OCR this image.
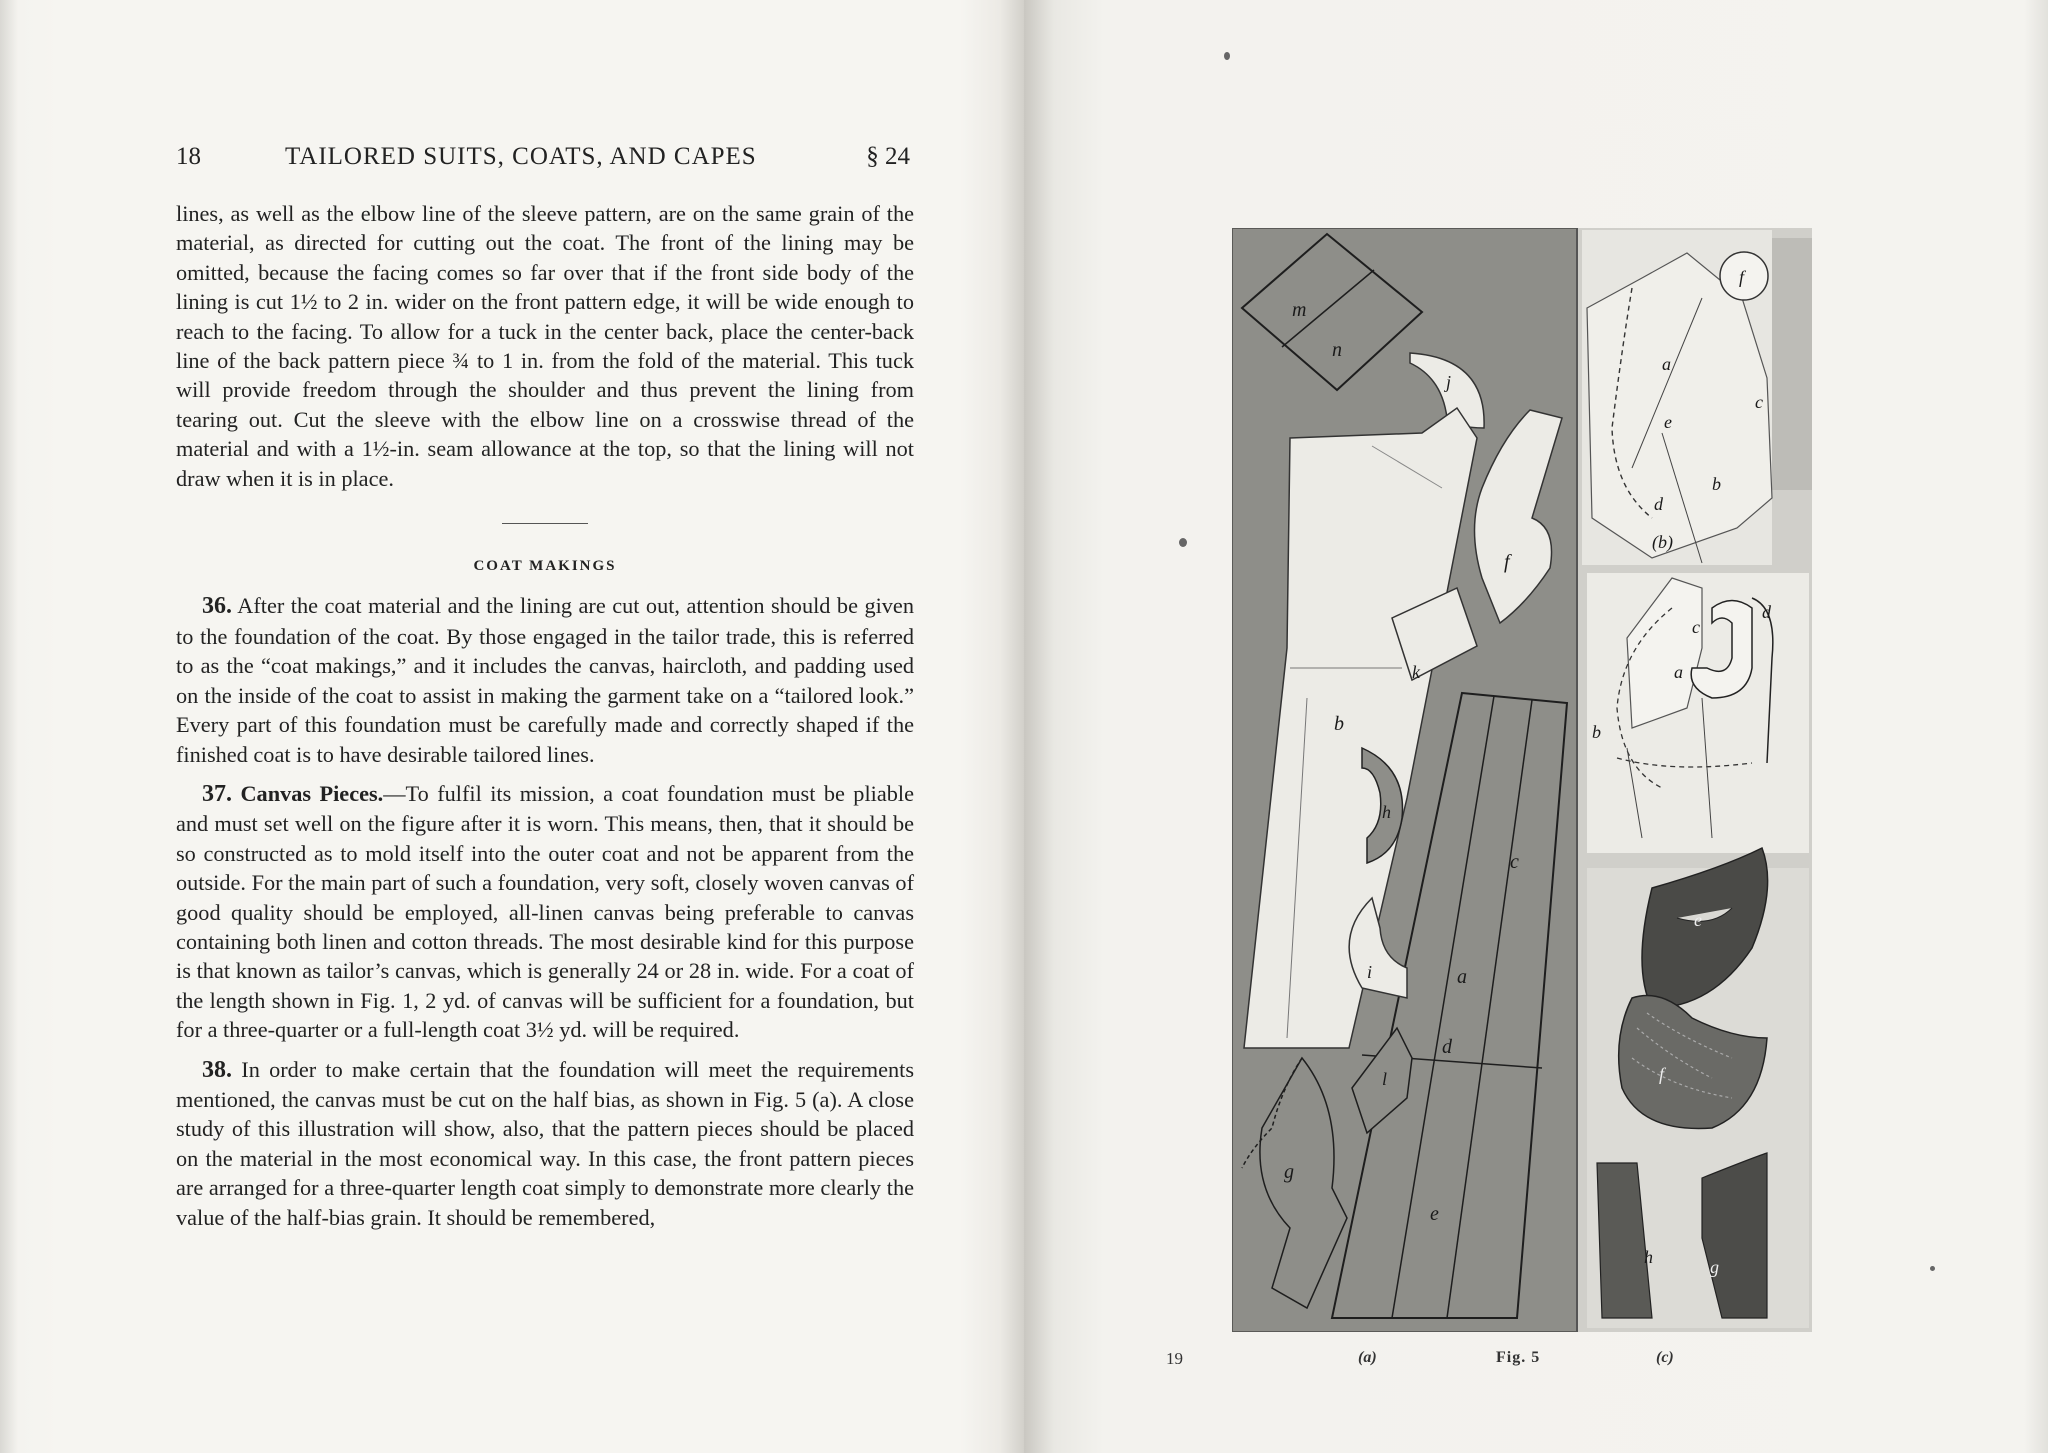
18	TAILORED SUITS, COATS, AND CAPES	§ 24

lines, as well as the elbow line of the sleeve pattern, are on the same grain of the material, as directed for cutting out the coat. The front of the lining may be omitted, because the facing comes so far over that if the front side body of the lining is cut 1½ to 2 in. wider on the front pattern edge, it will be wide enough to reach to the facing. To allow for a tuck in the center back, place the center-back line of the back pattern piece ¾ to 1 in. from the fold of the material. This tuck will provide freedom through the shoulder and thus prevent the lining from tearing out. Cut the sleeve with the elbow line on a crosswise thread of the material and with a 1½-in. seam allowance at the top, so that the lining will not draw when it is in place.

COAT MAKINGS

36. After the coat material and the lining are cut out, attention should be given to the foundation of the coat. By those engaged in the tailor trade, this is referred to as the “coat makings,” and it includes the canvas, haircloth, and padding used on the inside of the coat to assist in making the garment take on a “tailored look.” Every part of this foundation must be carefully made and correctly shaped if the finished coat is to have desirable tailored lines.

37. Canvas Pieces.—To fulfil its mission, a coat foundation must be pliable and must set well on the figure after it is worn. This means, then, that it should be so constructed as to mold itself into the outer coat and not be apparent from the outside. For the main part of such a foundation, very soft, closely woven canvas of good quality should be employed, all-linen canvas being preferable to canvas containing both linen and cotton threads. The most desirable kind for this purpose is that known as tailor’s canvas, which is generally 24 or 28 in. wide. For a coat of the length shown in Fig. 1, 2 yd. of canvas will be sufficient for a foundation, but for a three-quarter or a full-length coat 3½ yd. will be required.

38. In order to make certain that the foundation will meet the requirements mentioned, the canvas must be cut on the half bias, as shown in Fig. 5 (a). A close study of this illustration will show, also, that the pattern pieces should be placed on the material in the most economical way. In this case, the front pattern pieces are arranged for a three-quarter length coat simply to demonstrate more clearly the value of the half-bias grain. It should be remembered,

m
n
j
b
f
k
h
c
a
d
e
i
l
g
f
a
c
e
b
d
(b)
c
d
a
b
e
f
h	g
19	(a)	Fig. 5	(c)
